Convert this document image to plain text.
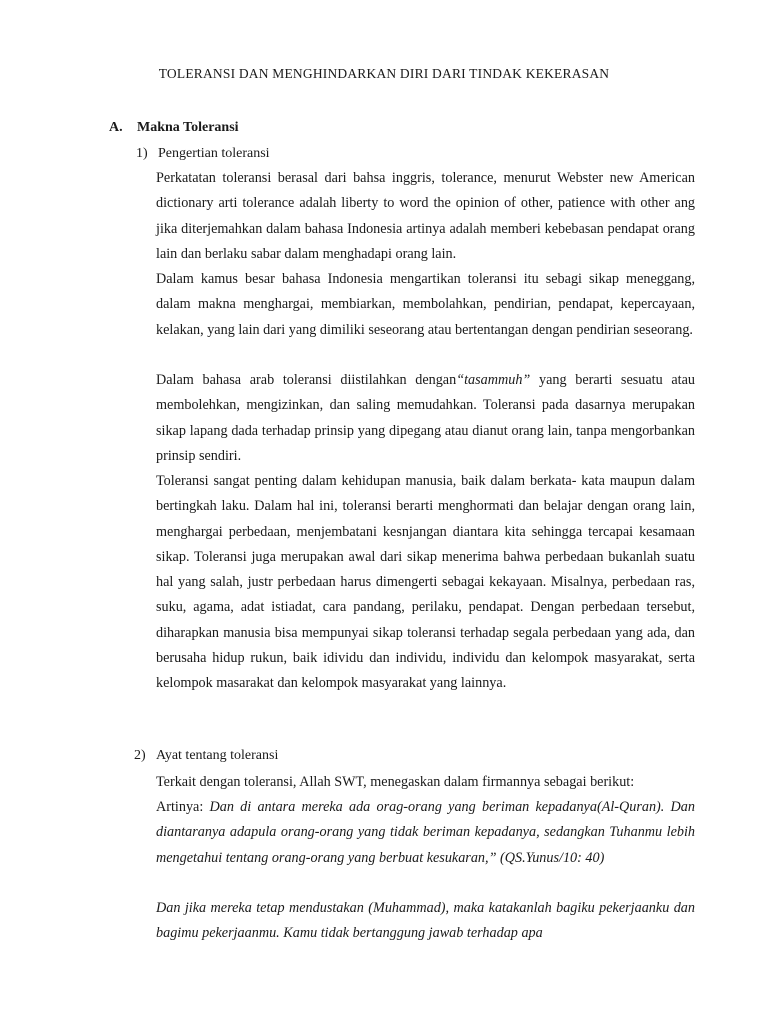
TOLERANSI DAN MENGHINDARKAN DIRI DARI TINDAK KEKERASAN
A. Makna Toleransi
1) Pengertian toleransi

Perkatatan toleransi berasal dari bahsa inggris, tolerance, menurut Webster new American dictionary arti tolerance adalah liberty to word the opinion of other, patience with other ang jika diterjemahkan dalam bahasa Indonesia artinya adalah memberi kebebasan pendapat orang lain dan berlaku sabar dalam menghadapi orang lain.

Dalam kamus besar bahasa Indonesia mengartikan toleransi itu sebagi sikap meneggang, dalam makna menghargai, membiarkan, membolahkan, pendirian, pendapat, kepercayaan, kelakan, yang lain dari yang dimiliki seseorang atau bertentangan dengan pendirian seseorang.

Dalam bahasa arab toleransi diistilahkan dengan“tasammuh” yang berarti sesuatu atau membolehkan, mengizinkan, dan saling memudahkan. Toleransi pada dasarnya merupakan sikap lapang dada terhadap prinsip yang dipegang atau dianut orang lain, tanpa mengorbankan prinsip sendiri.

Toleransi sangat penting dalam kehidupan manusia, baik dalam berkata- kata maupun dalam bertingkah laku. Dalam hal ini, toleransi berarti menghormati dan belajar dengan orang lain, menghargai perbedaan, menjembatani kesnjangan diantara kita sehingga tercapai kesamaan sikap. Toleransi juga merupakan awal dari sikap menerima bahwa perbedaan bukanlah suatu hal yang salah, justr perbedaan harus dimengerti sebagai kekayaan. Misalnya, perbedaan ras, suku, agama, adat istiadat, cara pandang, perilaku, pendapat. Dengan perbedaan tersebut, diharapkan manusia bisa mempunyai sikap toleransi terhadap segala perbedaan yang ada, dan berusaha hidup rukun, baik idividu dan individu, individu dan kelompok masyarakat, serta kelompok masarakat dan kelompok masyarakat yang lainnya.

2) Ayat tentang toleransi

Terkait dengan toleransi, Allah SWT, menegaskan dalam firmannya sebagai berikut:

Artinya: Dan di antara mereka ada orag-orang yang beriman kepadanya(Al-Quran). Dan diantaranya adapula orang-orang yang tidak beriman kepadanya, sedangkan Tuhanmu lebih mengetahui tentang orang-orang yang berbuat kesukaran,” (QS.Yunus/10: 40)

Dan jika mereka tetap mendustakan (Muhammad), maka katakanlah bagiku pekerjaanku dan bagimu pekerjaanmu. Kamu tidak bertanggung jawab terhadap apa
